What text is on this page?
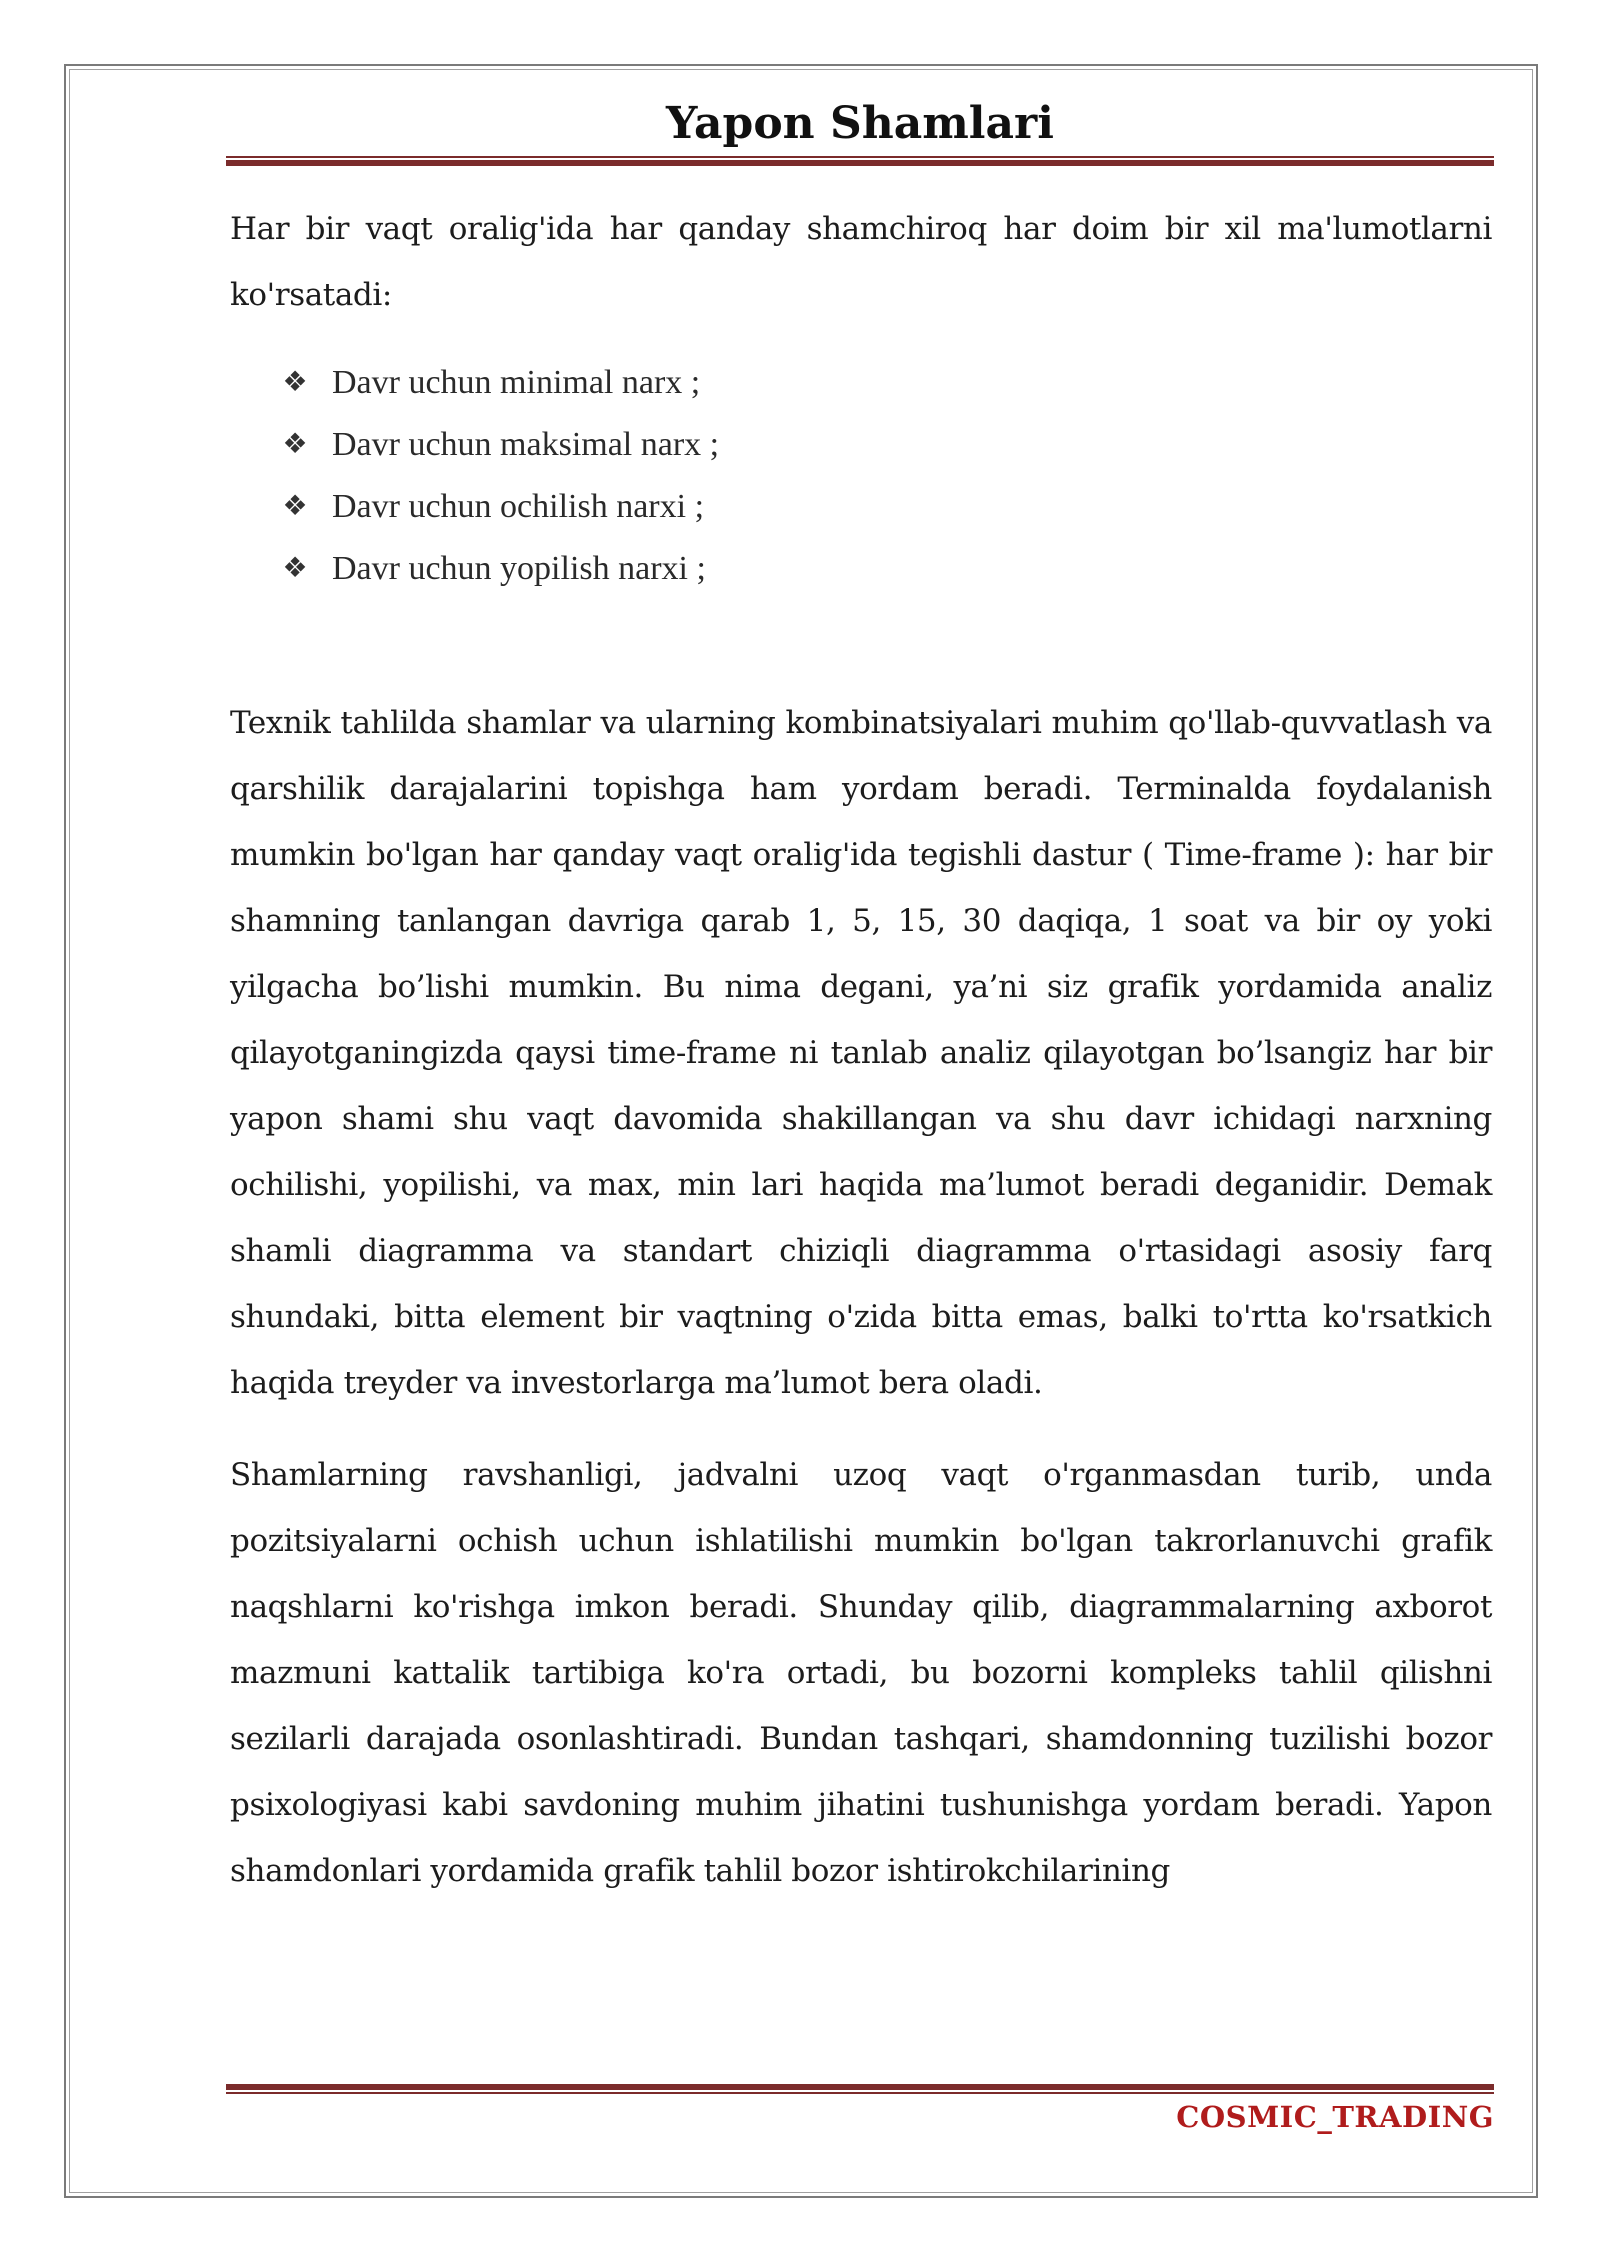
Yapon Shamlari

Har bir vaqt oralig'ida har qanday shamchiroq har doim bir xil ma'lumotlarni ko'rsatadi:

❖ Davr uchun minimal narx ;
❖ Davr uchun maksimal narx ;
❖ Davr uchun ochilish narxi ;
❖ Davr uchun yopilish narxi ;

Texnik tahlilda shamlar va ularning kombinatsiyalari muhim qo'llab-quvvatlash va qarshilik darajalarini topishga ham yordam beradi. Terminalda foydalanish mumkin bo'lgan har qanday vaqt oralig'ida tegishli dastur ( Time-frame ): har bir shamning tanlangan davriga qarab 1, 5, 15, 30 daqiqa, 1 soat va bir oy yoki yilgacha bo’lishi mumkin. Bu nima degani, ya’ni siz grafik yordamida analiz qilayotganingizda qaysi time-frame ni tanlab analiz qilayotgan bo’lsangiz har bir yapon shami shu vaqt davomida shakillangan va shu davr ichidagi narxning ochilishi, yopilishi, va max, min lari haqida ma’lumot beradi deganidir. Demak shamli diagramma va standart chiziqli diagramma o'rtasidagi asosiy farq shundaki, bitta element bir vaqtning o'zida bitta emas, balki to'rtta ko'rsatkich haqida treyder va investorlarga ma’lumot bera oladi.

Shamlarning ravshanligi, jadvalni uzoq vaqt o'rganmasdan turib, unda pozitsiyalarni ochish uchun ishlatilishi mumkin bo'lgan takrorlanuvchi grafik naqshlarni ko'rishga imkon beradi. Shunday qilib, diagrammalarning axborot mazmuni kattalik tartibiga ko'ra ortadi, bu bozorni kompleks tahlil qilishni sezilarli darajada osonlashtiradi. Bundan tashqari, shamdonning tuzilishi bozor psixologiyasi kabi savdoning muhim jihatini tushunishga yordam beradi. Yapon shamdonlari yordamida grafik tahlil bozor ishtirokchilarining

COSMIC_TRADING
